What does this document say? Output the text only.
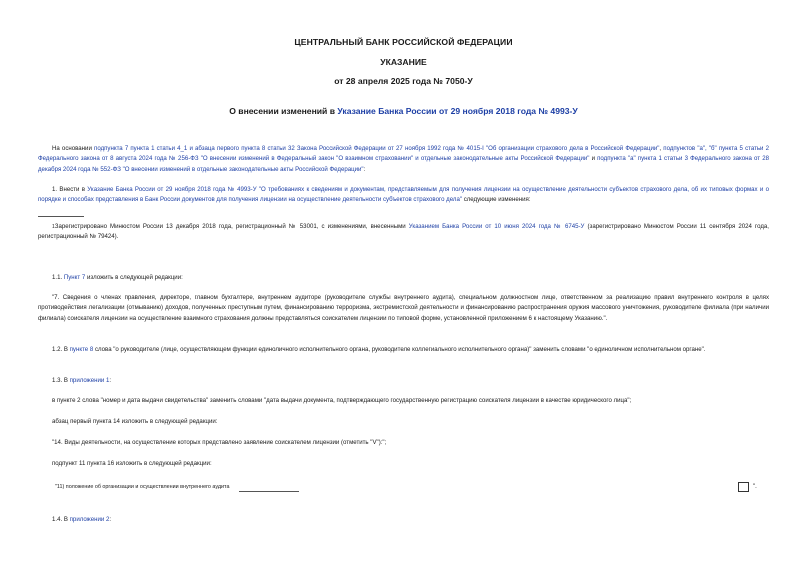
ЦЕНТРАЛЬНЫЙ БАНК РОССИЙСКОЙ ФЕДЕРАЦИИ
УКАЗАНИЕ
от 28 апреля 2025 года № 7050-У
О внесении изменений в Указание Банка России от 29 ноября 2018 года № 4993-У

На основании подпункта 7 пункта 1 статьи 4_1 и абзаца первого пункта 8 статьи 32 Закона Российской Федерации от 27 ноября 1992 года № 4015-I "Об организации страхового дела в Российской Федерации", подпунктов "а", "б" пункта 5 статьи 2 Федерального закона от 8 августа 2024 года № 256-ФЗ "О внесении изменений в Федеральный закон "О взаимном страховании" и отдельные законодательные акты Российской Федерации" и подпункта "а" пункта 1 статьи 3 Федерального закона от 28 декабря 2024 года № 552-ФЗ "О внесении изменений в отдельные законодательные акты Российской Федерации":

1. Внести в Указание Банка России от 29 ноября 2018 года № 4993-У "О требованиях к сведениям и документам, представляемым для получения лицензии на осуществление деятельности субъектов страхового дела, об их типовых формах и о порядке и способах представления в Банк России документов для получения лицензии на осуществление деятельности субъектов страхового дела" следующие изменения:

$^1$Зарегистрировано Минюстом России 13 декабря 2018 года, регистрационный № 53001, с изменениями, внесенными Указанием Банка России от 10 июня 2024 года № 6745-У (зарегистрировано Минюстом России 11 сентября 2024 года, регистрационный № 79424).

1.1. Пункт 7 изложить в следующей редакции:

"7. Сведения о членах правления, директоре, главном бухгалтере, внутреннем аудиторе (руководителе службы внутреннего аудита), специальном должностном лице, ответственном за реализацию правил внутреннего контроля в целях противодействия легализации (отмыванию) доходов, полученных преступным путем, финансированию терроризма, экстремистской деятельности и финансированию распространения оружия массового уничтожения, руководителе филиала (при наличии филиала) соискателя лицензии на осуществление взаимного страхования должны представляться соискателем лицензии по типовой форме, установленной приложением 6 к настоящему Указанию.".

1.2. В пункте 8 слова "о руководителе (лице, осуществляющем функции единоличного исполнительного органа, руководителе коллегиального исполнительного органа)" заменить словами "о единоличном исполнительном органе".

1.3. В приложении 1:

в пункте 2 слова "номер и дата выдачи свидетельства" заменить словами "дата выдачи документа, подтверждающего государственную регистрацию соискателя лицензии в качестве юридического лица";

абзац первый пункта 14 изложить в следующей редакции:

"14. Виды деятельности, на осуществление которых представлено заявление соискателем лицензии (отметить "V"):";

подпункт 11 пункта 16 изложить в следующей редакции:

"11) положение об организации и осуществлении внутреннего аудита	".

1.4. В приложении 2:
